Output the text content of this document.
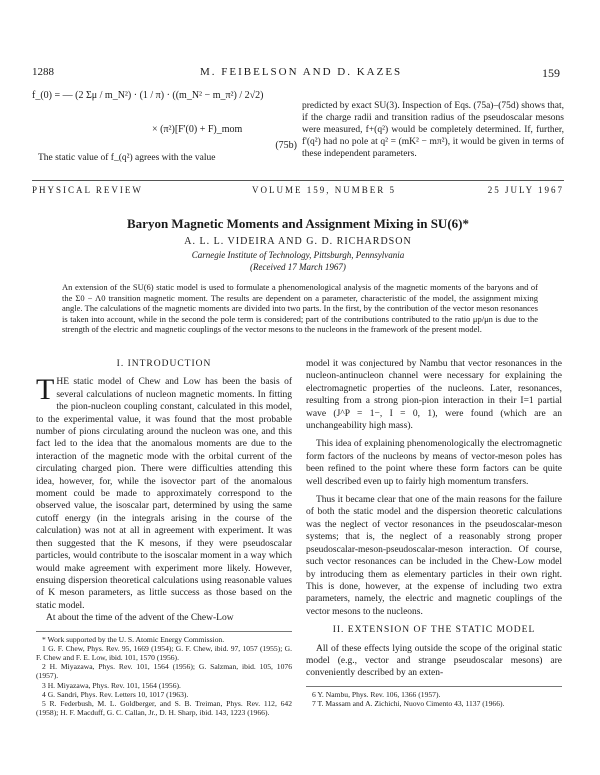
1288	M. FEIBELSON AND D. KAZES	159
f_(0) = ― (2 Σμ / m_N²) · (1 / π) · ((m_N² − m_π²) / 2√2)
× (π²)[F'(0) + F)_mom
(75b)
predicted by exact SU(3). Inspection of Eqs. (75a)–(75d) shows that, if the charge radii and transition radius of the pseudoscalar mesons were measured, f+(q²) would be completely determined. If, further, f'(q²) had no pole at q² = (mK² − mπ²), it would be given in terms of these independent parameters.
The static value of f_(q²) agrees with the value
PHYSICAL REVIEW	VOLUME 159, NUMBER 5	25 JULY 1967
Baryon Magnetic Moments and Assignment Mixing in SU(6)*
A. L. L. VIDEIRA AND G. D. RICHARDSON
Carnegie Institute of Technology, Pittsburgh, Pennsylvania
(Received 17 March 1967)
An extension of the SU(6) static model is used to formulate a phenomenological analysis of the magnetic moments of the baryons and of the Σ0 − Λ0 transition magnetic moment. The results are dependent on a parameter, characteristic of the model, the assignment mixing angle. The calculations of the magnetic moments are divided into two parts. In the first, by the contribution of the vector meson resonances is taken into account, while in the second the pole term is considered; part of the contributions contributed to the ratio μp/μn is due to the strength of the electric and magnetic couplings of the vector mesons to the nucleons in the framework of the present model.
I. INTRODUCTION
THE static model of Chew and Low has been the basis of several calculations of nucleon magnetic moments. In fitting the pion-nucleon coupling constant, calculated in this model, to the experimental value, it was found that the most probable number of pions circulating around the nucleon was one, and this fact led to the idea that the anomalous moments are due to the interaction of the magnetic mode with the orbital current of the circulating charged pion. There were difficulties attending this idea, however, for, while the isovector part of the anomalous moment could be made to approximately correspond to the observed value, the isoscalar part, determined by using the same cutoff energy (in the integrals arising in the course of the calculation) was not at all in agreement with experiment. It was then suggested that the K mesons, if they were pseudoscalar particles, would contribute to the isoscalar moment in a way which would make agreement with experiment more likely. However, ensuing dispersion theoretical calculations using reasonable values of K meson parameters, as little success as those based on the static model.

At about the time of the advent of the Chew-Low

* Work supported by the U. S. Atomic Energy Commission.
1 G. F. Chew, Phys. Rev. 95, 1669 (1954); G. F. Chew, ibid. 97, 1057 (1955); G. F. Chew and F. E. Low, ibid. 101, 1570 (1956).
2 H. Miyazawa, Phys. Rev. 101, 1564 (1956); G. Salzman, ibid. 105, 1076 (1957).
3 H. Miyazawa, Phys. Rev. 101, 1564 (1956).
4 G. Sandri, Phys. Rev. Letters 10, 1017 (1963).
5 R. Federbush, M. L. Goldberger, and S. B. Treiman, Phys. Rev. 112, 642 (1958); H. F. Macduff, G. C. Callan, Jr., D. H. Sharp, ibid. 143, 1223 (1966).

model it was conjectured by Nambu that vector resonances in the nucleon-antinucleon channel were necessary for explaining the electromagnetic properties of the nucleons. Later, resonances, resulting from a strong pion-pion interaction in their I=1 partial wave (J^P = 1−, I = 0, 1), were found (which are an unchangeability high mass).

This idea of explaining phenomenologically the electromagnetic form factors of the nucleons by means of vector-meson poles has been refined to the point where these form factors can be quite well described even up to fairly high momentum transfers.

Thus it became clear that one of the main reasons for the failure of both the static model and the dispersion theoretic calculations was the neglect of vector resonances in the pseudoscalar-meson systems; that is, the neglect of a reasonably strong proper pseudoscalar-meson-pseudoscalar-meson interaction. Of course, such vector resonances can be included in the Chew-Low model by introducing them as elementary particles in their own right. This is done, however, at the expense of including two extra parameters, namely, the electric and magnetic couplings of the vector mesons to the nucleons.

II. EXTENSION OF THE STATIC MODEL

All of these effects lying outside the scope of the original static model (e.g., vector and strange pseudoscalar mesons) are conveniently described by an exten-

6 Y. Nambu, Phys. Rev. 106, 1366 (1957).
7 T. Massam and A. Zichichi, Nuovo Cimento 43, 1137 (1966).
